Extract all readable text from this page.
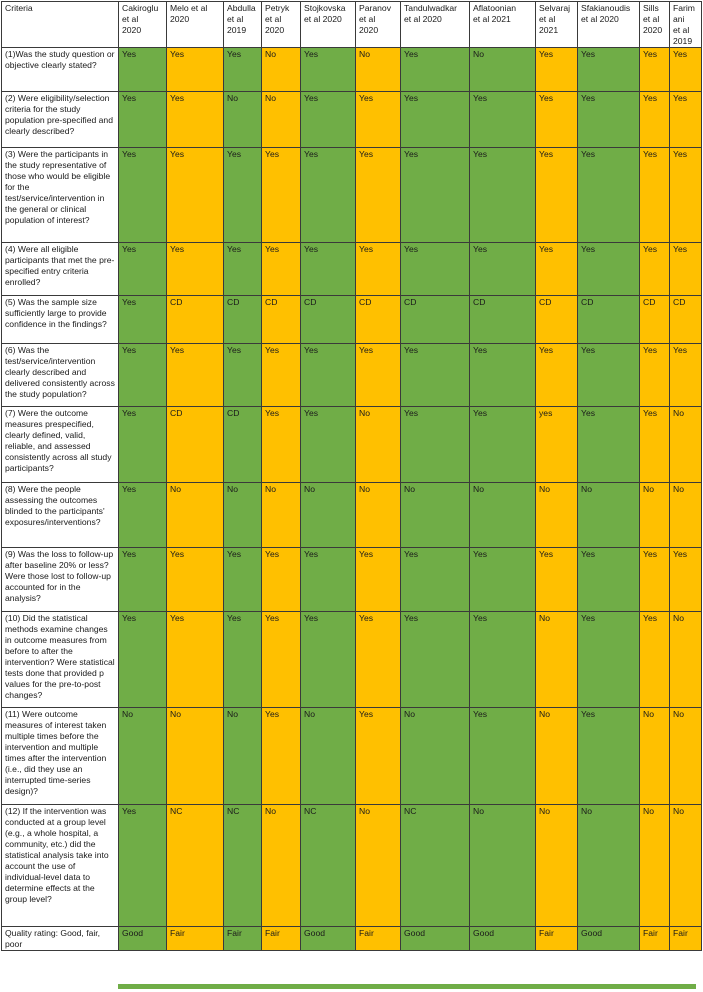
Criteria	Cakiroglu
et al
2020	Melo et al
2020	Abdulla
et al
2019	Petryk
et al
2020	Stojkovska
et al 2020	Paranov
et al
2020	Tandulwadkar
et al 2020	Aflatoonian
et al 2021	Selvaraj
et al
2021	Sfakianoudis
et al 2020	Sills
et al
2020	Farimani
et al
2019
(1)Was the study question or objective clearly stated?	Yes	Yes	Yes	No	Yes	No	Yes	No	Yes	Yes	Yes	Yes
(2) Were eligibility/selection criteria for the study population pre-specified and clearly described?	Yes	Yes	No	No	Yes	Yes	Yes	Yes	Yes	Yes	Yes	Yes
(3) Were the participants in the study representative of those who would be eligible for the test/service/intervention in the general or clinical population of interest?	Yes	Yes	Yes	Yes	Yes	Yes	Yes	Yes	Yes	Yes	Yes	Yes
(4) Were all eligible participants that met the pre-specified entry criteria enrolled?	Yes	Yes	Yes	Yes	Yes	Yes	Yes	Yes	Yes	Yes	Yes	Yes
(5) Was the sample size sufficiently large to provide confidence in the findings?	Yes	CD	CD	CD	CD	CD	CD	CD	CD	CD	CD	CD
(6) Was the test/service/intervention clearly described and delivered consistently across the study population?	Yes	Yes	Yes	Yes	Yes	Yes	Yes	Yes	Yes	Yes	Yes	Yes
(7) Were the outcome measures prespecified, clearly defined, valid, reliable, and assessed consistently across all study participants?	Yes	CD	CD	Yes	Yes	No	Yes	Yes	yes	Yes	Yes	No
(8) Were the people assessing the outcomes blinded to the participants' exposures/interventions?	Yes	No	No	No	No	No	No	No	No	No	No	No
(9) Was the loss to follow-up after baseline 20% or less? Were those lost to follow-up accounted for in the analysis?	Yes	Yes	Yes	Yes	Yes	Yes	Yes	Yes	Yes	Yes	Yes	Yes
(10) Did the statistical methods examine changes in outcome measures from before to after the intervention? Were statistical tests done that provided p values for the pre-to-post changes?	Yes	Yes	Yes	Yes	Yes	Yes	Yes	Yes	No	Yes	Yes	No
(11) Were outcome measures of interest taken multiple times before the intervention and multiple times after the intervention (i.e., did they use an interrupted time-series design)?	No	No	No	Yes	No	Yes	No	Yes	No	Yes	No	No
(12) If the intervention was conducted at a group level (e.g., a whole hospital, a community, etc.) did the statistical analysis take into account the use of individual-level data to determine effects at the group level?	Yes	NC	NC	No	NC	No	NC	No	No	No	No	No
Quality rating: Good, fair, poor	Good	Fair	Fair	Fair	Good	Fair	Good	Good	Fair	Good	Fair	Fair
